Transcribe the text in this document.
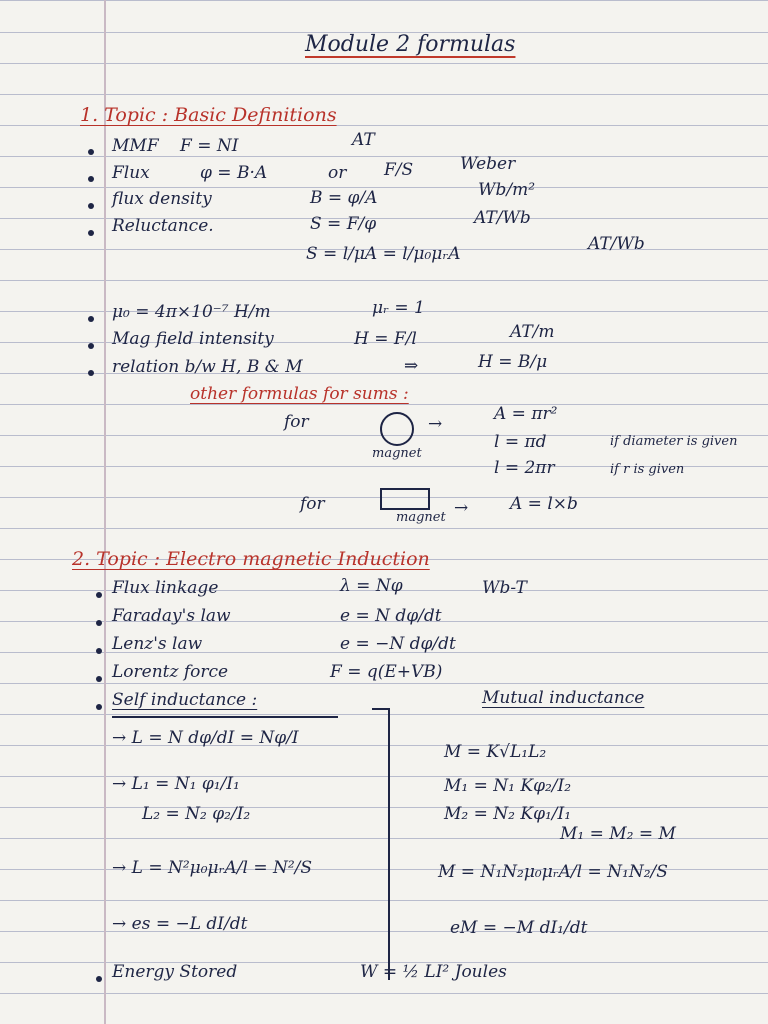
Module 2 formulas
1. Topic : Basic Definitions
MMF F = NI	AT
Flux	φ = B·A	or F/S	Weber
flux density	B = φ/A	Wb/m²
Reluctance.	S = F/φ	AT/Wb
S = l/μA = l/μ₀μᵣA	AT/Wb
μ₀ = 4π×10⁻⁷ H/m	μᵣ = 1
Mag field intensity	H = F/l	AT/m
relation b/w H, B & M	⇒	H = B/μ
other formulas for sums :
for
magnet
→	A = πr²
l = πd	if diameter is given
l = 2πr	if r is given
for
magnet → A = l×b
2. Topic : Electro magnetic Induction
Flux linkage	λ = Nφ	Wb-T
Faraday's law	e = N dφ/dt
Lenz's law	e = −N dφ/dt
Lorentz force	F = q(E+VB)
Self inductance :	Mutual inductance
→ L = N dφ/dI = Nφ/I
M = K√L₁L₂
→ L₁ = N₁ φ₁/I₁	M₁ = N₁ Kφ₂/I₂
L₂ = N₂ φ₂/I₂	M₂ = N₂ Kφ₁/I₁
M₁ = M₂ = M
→ L = N²μ₀μᵣA/l = N²/S	M = N₁N₂μ₀μᵣA/l = N₁N₂/S
→ es = −L dI/dt	eM = −M dI₁/dt
Energy Stored	W = ½ LI² Joules
